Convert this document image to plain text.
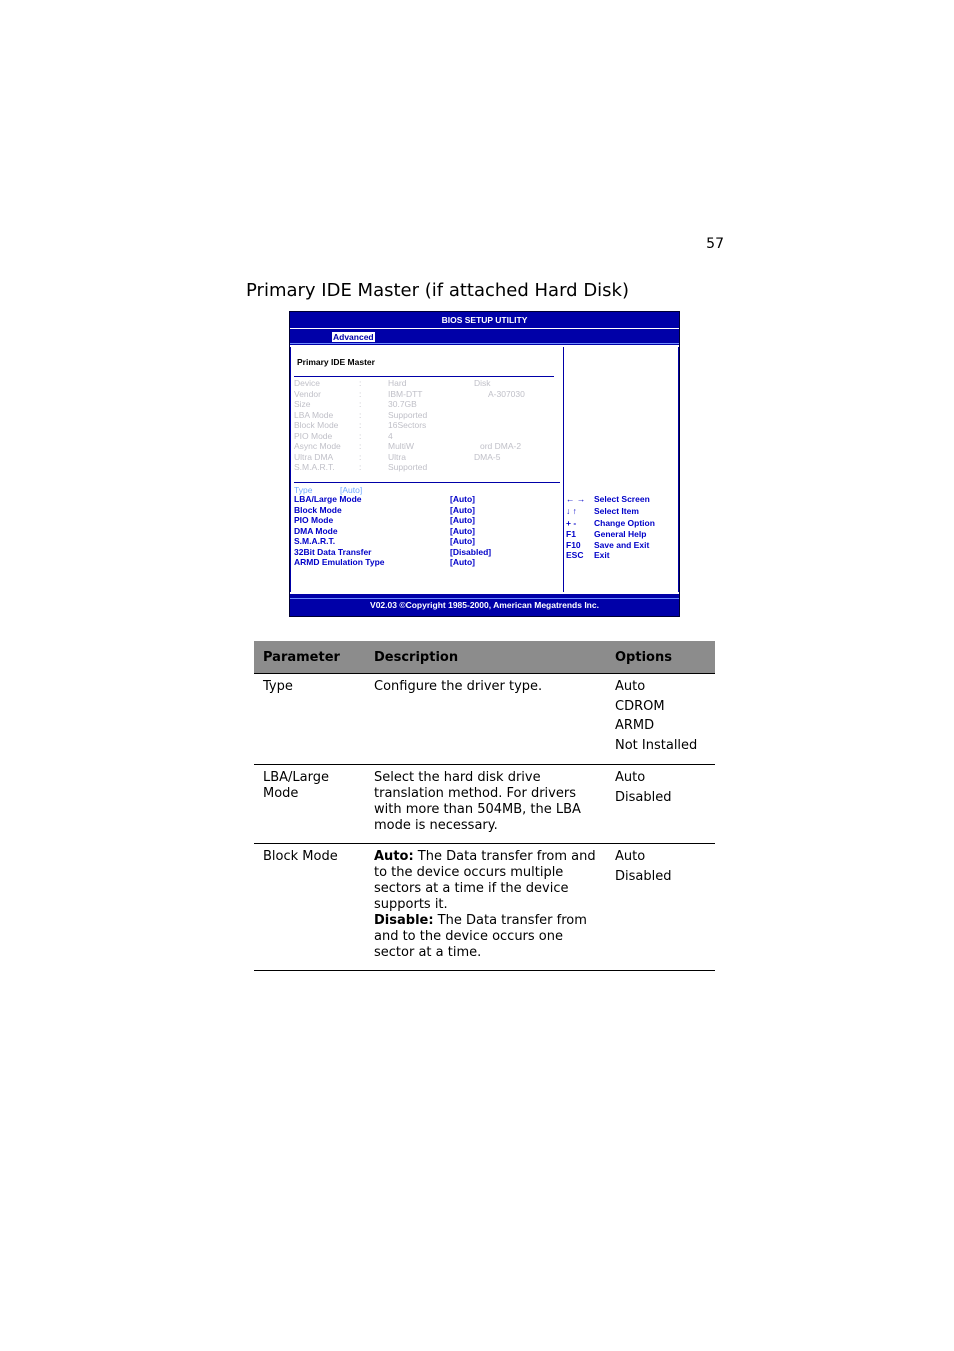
57
Primary IDE Master (if attached Hard Disk)
BIOS SETUP UTILITY
Advanced
Primary IDE Master
Device	:	Hard	Disk
Vendor	:	IBM-DTT	A-307030
Size	:	30.7GB
LBA Mode	:	Supported
Block Mode :	16Sectors
PIO Mode	:	4
Async Mode :	MultiW	ord DMA-2
Ultra DMA	:	Ultra	DMA-5
S.M.A.R.T.	:	Supported
Type	[Auto]
LBA/Large Mode	[Auto]
Block Mode	[Auto]
PIO Mode	[Auto]
DMA Mode	[Auto]
S.M.A.R.T.	[Auto]
32Bit Data Transfer	[Disabled]
ARMD Emulation Type	[Auto]
← → Select Screen
↓ ↑ Select Item
+ - Change Option
F1 General Help
F10 Save and Exit
ESC Exit
V02.03 ©Copyright 1985-2000, American Megatrends Inc.
Parameter	Description	Options
Type	Configure the driver type.	Auto
CDROM
ARMD
Not Installed

LBA/Large Mode	Select the hard disk drive translation method. For drivers with more than 504MB, the LBA mode is necessary.	Auto
Disabled

Block Mode	Auto: The Data transfer from and to the device occurs multiple sectors at a time if the device supports it.
Disable: The Data transfer from and to the device occurs one sector at a time.	Auto
Disabled
